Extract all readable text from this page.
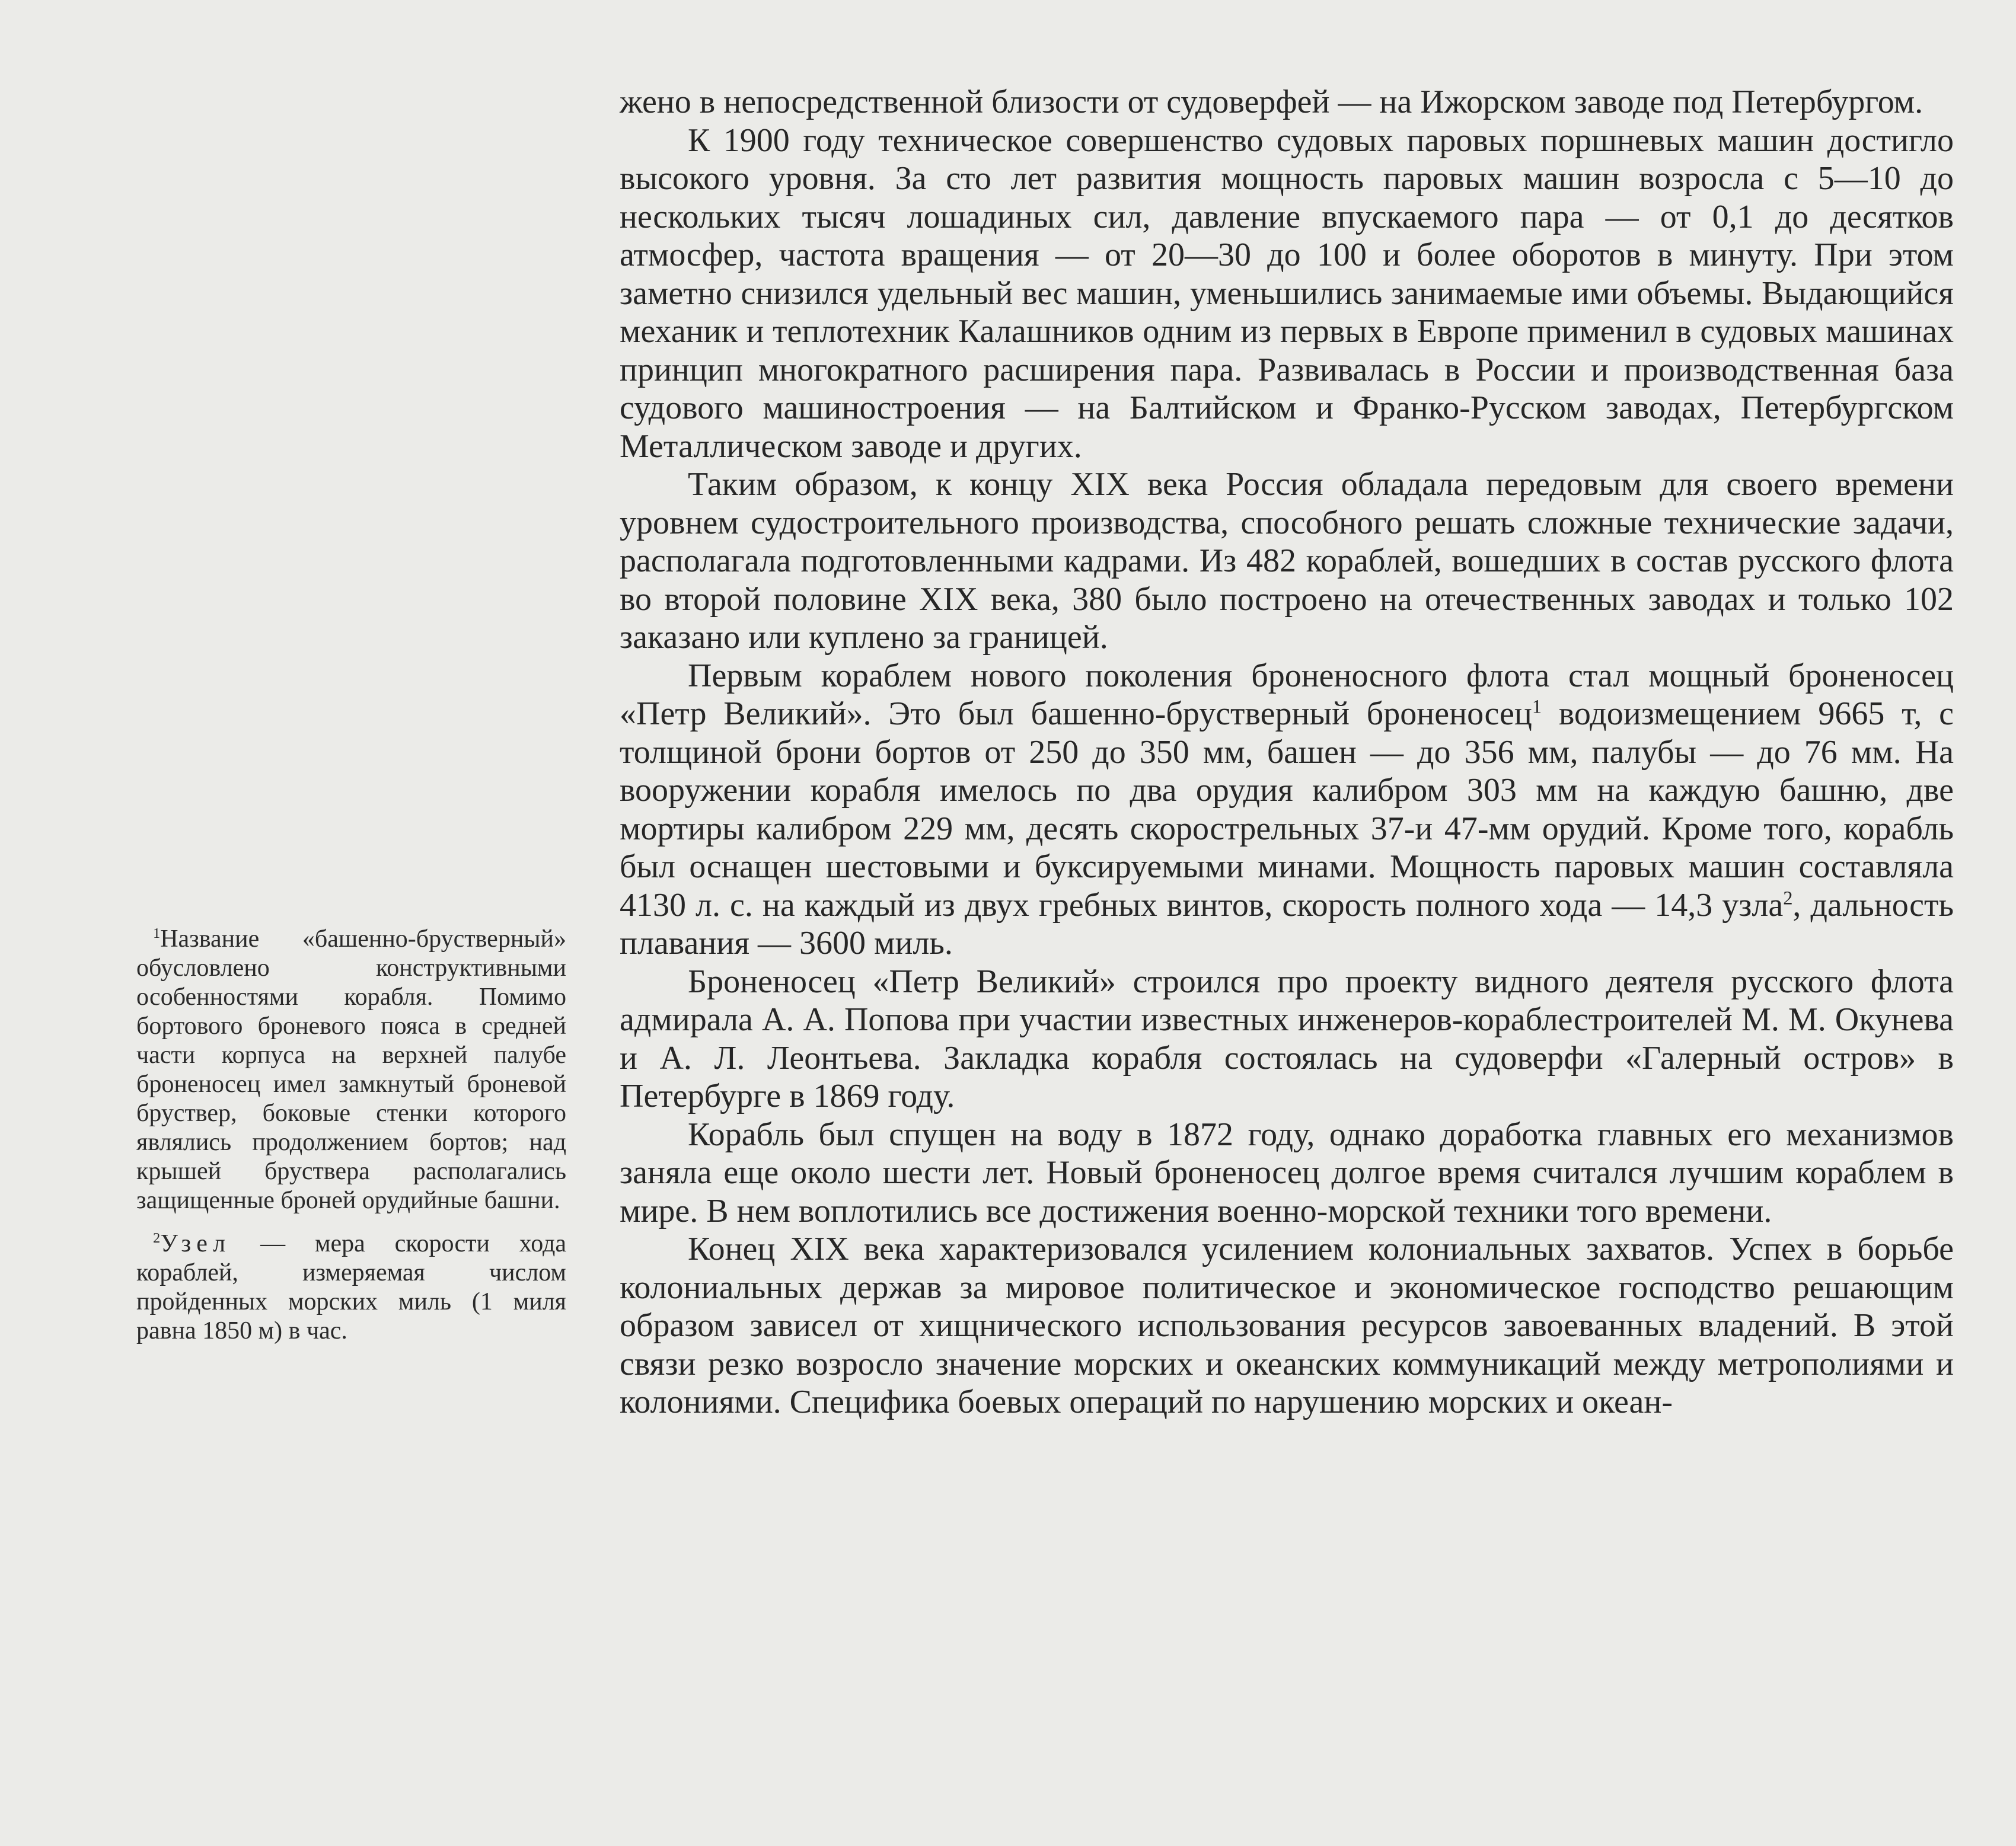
жено в непосредственной близости от судоверфей — на Ижорском заводе под Петербургом.

К 1900 году техническое совершенство судовых паровых поршневых машин достигло высокого уровня. За сто лет развития мощность паровых машин возросла с 5—10 до нескольких тысяч лошадиных сил, давление впускаемого пара — от 0,1 до десятков атмосфер, частота вращения — от 20—30 до 100 и более оборотов в минуту. При этом заметно снизился удельный вес машин, уменьшились занимаемые ими объемы. Выдающийся механик и теплотехник Калашников одним из первых в Европе применил в судовых машинах принцип многократного расширения пара. Развивалась в России и производственная база судового машиностроения — на Балтийском и Франко-Русском заводах, Петербургском Металлическом заводе и других.

Таким образом, к концу XIX века Россия обладала передовым для своего времени уровнем судостроительного производства, способного решать сложные технические задачи, располагала подготовленными кадрами. Из 482 кораблей, вошедших в состав русского флота во второй половине XIX века, 380 было построено на отечественных заводах и только 102 заказано или куплено за границей.

Первым кораблем нового поколения броненосного флота стал мощный броненосец «Петр Великий». Это был башенно-брустверный броненосец$^1$ водоизмещением 9665 т, с толщиной брони бортов от 250 до 350 мм, башен — до 356 мм, палубы — до 76 мм. На вооружении корабля имелось по два орудия калибром 303 мм на каждую башню, две мортиры калибром 229 мм, десять скорострельных 37-и 47-мм орудий. Кроме того, корабль был оснащен шестовыми и буксируемыми минами. Мощность паровых машин составляла 4130 л. с. на каждый из двух гребных винтов, скорость полного хода — 14,3 узла$^2$, дальность плавания — 3600 миль.

Броненосец «Петр Великий» строился про проекту видного деятеля русского флота адмирала А. А. Попова при участии известных инженеров-кораблестроителей М. М. Окунева и А. Л. Леонтьева. Закладка корабля состоялась на судоверфи «Галерный остров» в Петербурге в 1869 году.

Корабль был спущен на воду в 1872 году, однако доработка главных его механизмов заняла еще около шести лет. Новый броненосец долгое время считался лучшим кораблем в мире. В нем воплотились все достижения военно-морской техники того времени.

Конец XIX века характеризовался усилением колониальных захватов. Успех в борьбе колониальных держав за мировое политическое и экономическое господство решающим образом зависел от хищнического использования ресурсов завоеванных владений. В этой связи резко возросло значение морских и океанских коммуникаций между метрополиями и колониями. Специфика боевых операций по нарушению морских и океан-

$^1$Название «башенно-брустверный» обусловлено конструктивными особенностями корабля. Помимо бортового броневого пояса в средней части корпуса на верхней палубе броненосец имел замкнутый броневой бруствер, боковые стенки которого являлись продолжением бортов; над крышей бруствера располагались защищенные броней орудийные башни.

$^2$Узел — мера скорости хода кораблей, измеряемая числом пройденных морских миль (1 миля равна 1850 м) в час.
